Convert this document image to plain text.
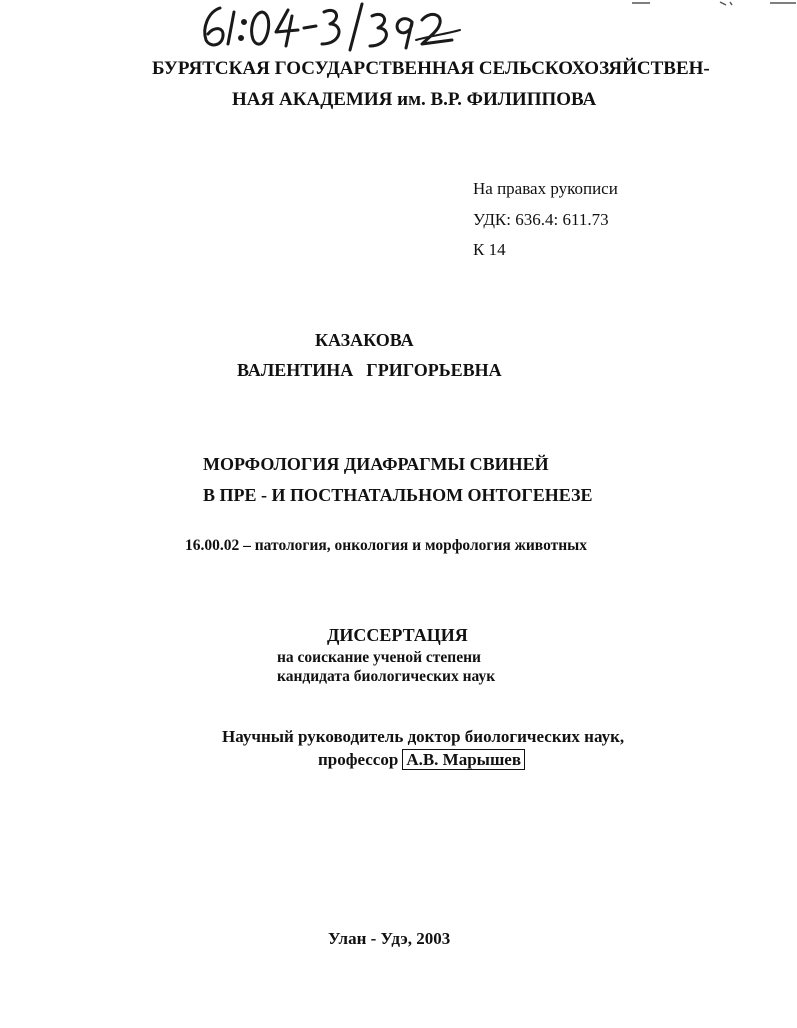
БУРЯТСКАЯ ГОСУДАРСТВЕННАЯ СЕЛЬСКОХОЗЯЙСТВЕН-
НАЯ АКАДЕМИЯ им. В.Р. ФИЛИППОВА
На правах рукописи
УДК: 636.4: 611.73
К 14
КАЗАКОВА
ВАЛЕНТИНА  ГРИГОРЬЕВНА
МОРФОЛОГИЯ ДИАФРАГМЫ СВИНЕЙ
В ПРЕ - И ПОСТНАТАЛЬНОМ ОНТОГЕНЕЗЕ
16.00.02 – патология, онкология и морфология животных
ДИССЕРТАЦИЯ
на соискание ученой степени
кандидата биологических наук
Научный руководитель доктор биологических наук,
профессор А.В. Марышев
Улан - Удэ, 2003
